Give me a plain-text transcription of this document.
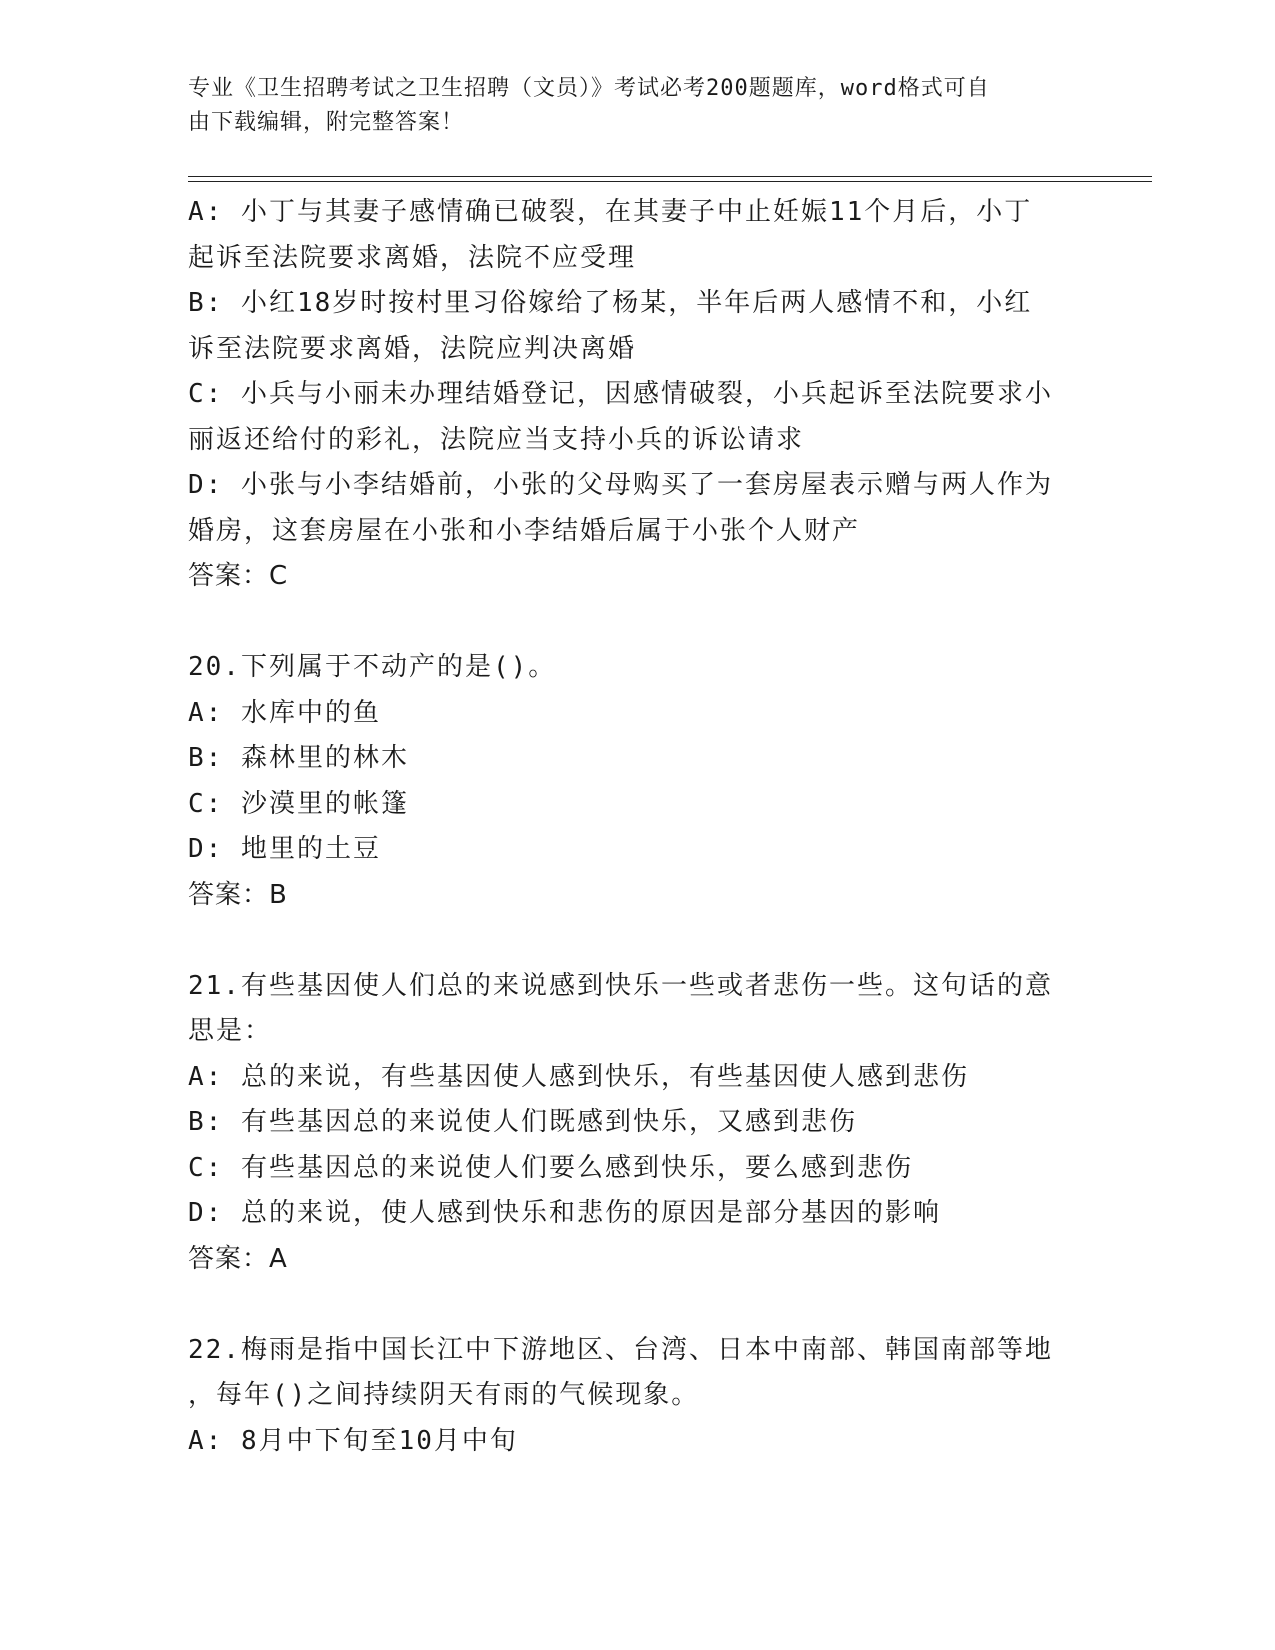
专业《卫生招聘考试之卫生招聘（文员）》考试必考200题题库，word格式可自
由下载编辑，附完整答案！
A: 小丁与其妻子感情确已破裂，在其妻子中止妊娠11个月后，小丁
起诉至法院要求离婚，法院不应受理
B: 小红18岁时按村里习俗嫁给了杨某，半年后两人感情不和，小红
诉至法院要求离婚，法院应判决离婚
C: 小兵与小丽未办理结婚登记，因感情破裂，小兵起诉至法院要求小
丽返还给付的彩礼，法院应当支持小兵的诉讼请求
D: 小张与小李结婚前，小张的父母购买了一套房屋表示赠与两人作为
婚房，这套房屋在小张和小李结婚后属于小张个人财产
答案：C
20.下列属于不动产的是()。
A: 水库中的鱼
B: 森林里的林木
C: 沙漠里的帐篷
D: 地里的土豆
答案：B
21.有些基因使人们总的来说感到快乐一些或者悲伤一些。这句话的意
思是：
A: 总的来说，有些基因使人感到快乐，有些基因使人感到悲伤
B: 有些基因总的来说使人们既感到快乐，又感到悲伤
C: 有些基因总的来说使人们要么感到快乐，要么感到悲伤
D: 总的来说，使人感到快乐和悲伤的原因是部分基因的影响
答案：A
22.梅雨是指中国长江中下游地区、台湾、日本中南部、韩国南部等地
，每年()之间持续阴天有雨的气候现象。
A: 8月中下旬至10月中旬
